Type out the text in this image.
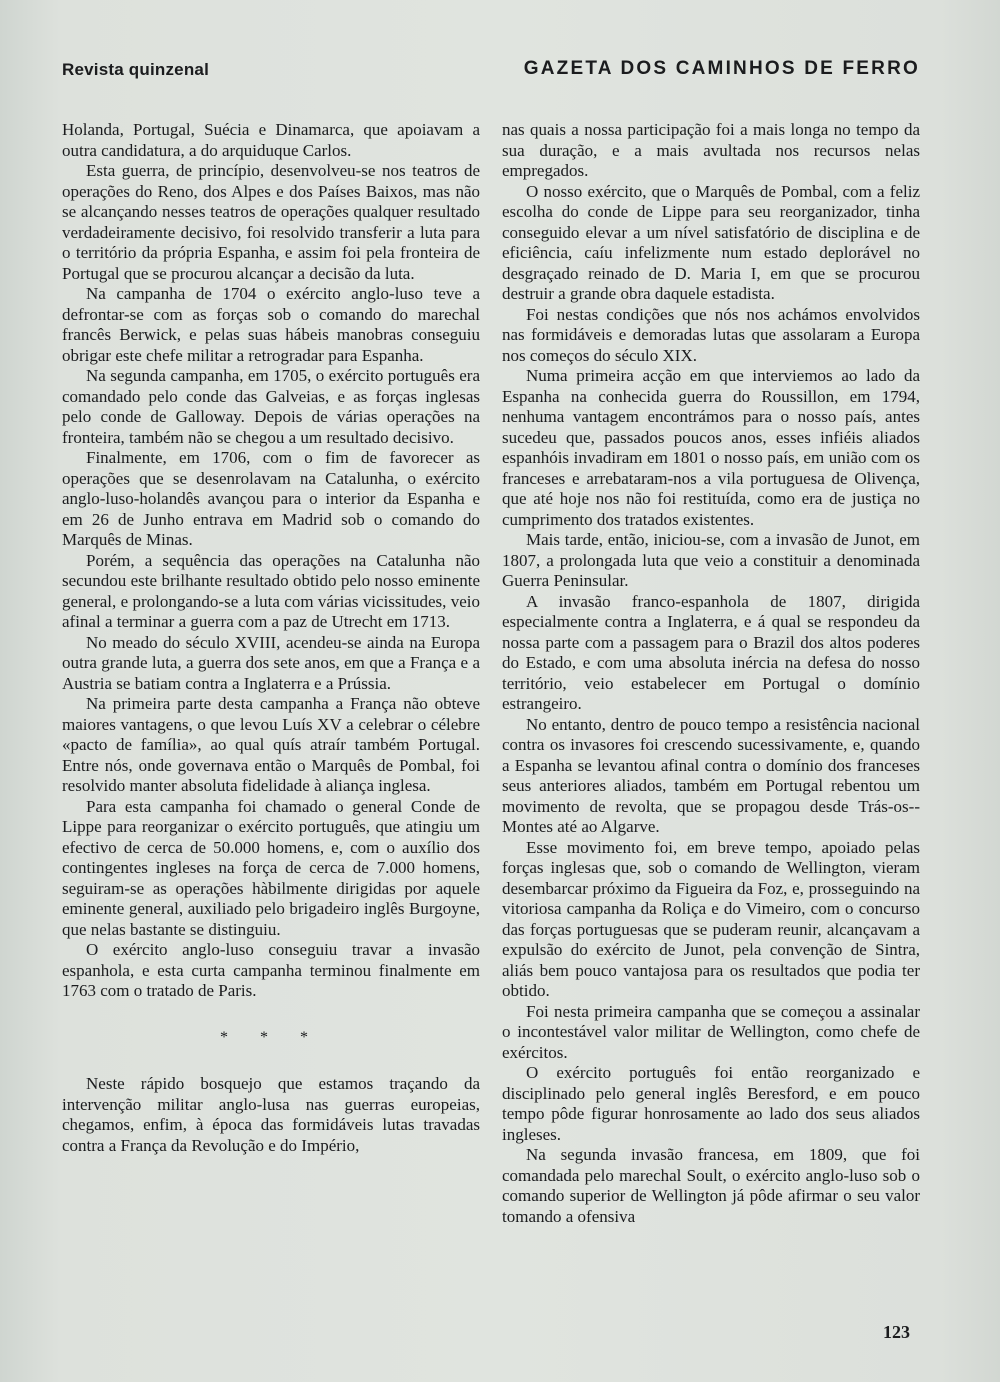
Revista quinzenal	GAZETA DOS CAMINHOS DE FERRO

Holanda, Portugal, Suécia e Dinamarca, que apoiavam a outra candidatura, a do arquiduque Carlos.

Esta guerra, de princípio, desenvolveu-se nos teatros de operações do Reno, dos Alpes e dos Países Baixos, mas não se alcançando nesses teatros de operações qualquer resultado verdadeiramente decisivo, foi resolvido transferir a luta para o território da própria Espanha, e assim foi pela fronteira de Portugal que se procurou alcançar a decisão da luta.

Na campanha de 1704 o exército anglo-luso teve a defrontar-se com as forças sob o comando do marechal francês Berwick, e pelas suas hábeis manobras conseguiu obrigar este chefe militar a retrogradar para Espanha.

Na segunda campanha, em 1705, o exército português era comandado pelo conde das Galveias, e as forças inglesas pelo conde de Galloway. Depois de várias operações na fronteira, também não se chegou a um resultado decisivo.

Finalmente, em 1706, com o fim de favorecer as operações que se desenrolavam na Catalunha, o exército anglo-luso-holandês avançou para o interior da Espanha e em 26 de Junho entrava em Madrid sob o comando do Marquês de Minas.

Porém, a sequência das operações na Catalunha não secundou este brilhante resultado obtido pelo nosso eminente general, e prolongando-se a luta com várias vicissitudes, veio afinal a terminar a guerra com a paz de Utrecht em 1713.

No meado do século XVIII, acendeu-se ainda na Europa outra grande luta, a guerra dos sete anos, em que a França e a Austria se batiam contra a Inglaterra e a Prússia.

Na primeira parte desta campanha a França não obteve maiores vantagens, o que levou Luís XV a celebrar o célebre «pacto de família», ao qual quís atraír também Portugal. Entre nós, onde governava então o Marquês de Pombal, foi resolvido manter absoluta fidelidade à aliança inglesa.

Para esta campanha foi chamado o general Conde de Lippe para reorganizar o exército português, que atingiu um efectivo de cerca de 50.000 homens, e, com o auxílio dos contingentes ingleses na força de cerca de 7.000 homens, seguiram-se as operações hàbilmente dirigidas por aquele eminente general, auxiliado pelo brigadeiro inglês Burgoyne, que nelas bastante se distinguiu.

O exército anglo-luso conseguiu travar a invasão espanhola, e esta curta campanha terminou finalmente em 1763 com o tratado de Paris.

* * *

Neste rápido bosquejo que estamos traçando da intervenção militar anglo-lusa nas guerras europeias, chegamos, enfim, à época das formidáveis lutas travadas contra a França da Revolução e do Império,

nas quais a nossa participação foi a mais longa no tempo da sua duração, e a mais avultada nos recursos nelas empregados.

O nosso exército, que o Marquês de Pombal, com a feliz escolha do conde de Lippe para seu reorganizador, tinha conseguido elevar a um nível satisfatório de disciplina e de eficiência, caíu infelizmente num estado deplorável no desgraçado reinado de D. Maria I, em que se procurou destruir a grande obra daquele estadista.

Foi nestas condições que nós nos achámos envolvidos nas formidáveis e demoradas lutas que assolaram a Europa nos começos do século XIX.

Numa primeira acção em que interviemos ao lado da Espanha na conhecida guerra do Roussillon, em 1794, nenhuma vantagem encontrámos para o nosso país, antes sucedeu que, passados poucos anos, esses infiéis aliados espanhóis invadiram em 1801 o nosso país, em união com os franceses e arrebataram-nos a vila portuguesa de Olivença, que até hoje nos não foi restituída, como era de justiça no cumprimento dos tratados existentes.

Mais tarde, então, iniciou-se, com a invasão de Junot, em 1807, a prolongada luta que veio a constituir a denominada Guerra Peninsular.

A invasão franco-espanhola de 1807, dirigida especialmente contra a Inglaterra, e á qual se respondeu da nossa parte com a passagem para o Brazil dos altos poderes do Estado, e com uma absoluta inércia na defesa do nosso território, veio estabelecer em Portugal o domínio estrangeiro.

No entanto, dentro de pouco tempo a resistência nacional contra os invasores foi crescendo sucessivamente, e, quando a Espanha se levantou afinal contra o domínio dos franceses seus anteriores aliados, também em Portugal rebentou um movimento de revolta, que se propagou desde Trás-os--Montes até ao Algarve.

Esse movimento foi, em breve tempo, apoiado pelas forças inglesas que, sob o comando de Wellington, vieram desembarcar próximo da Figueira da Foz, e, prosseguindo na vitoriosa campanha da Roliça e do Vimeiro, com o concurso das forças portuguesas que se puderam reunir, alcançavam a expulsão do exército de Junot, pela convenção de Sintra, aliás bem pouco vantajosa para os resultados que podia ter obtido.

Foi nesta primeira campanha que se começou a assinalar o incontestável valor militar de Wellington, como chefe de exércitos.

O exército português foi então reorganizado e disciplinado pelo general inglês Beresford, e em pouco tempo pôde figurar honrosamente ao lado dos seus aliados ingleses.

Na segunda invasão francesa, em 1809, que foi comandada pelo marechal Soult, o exército anglo-luso sob o comando superior de Wellington já pôde afirmar o seu valor tomando a ofensiva

123
